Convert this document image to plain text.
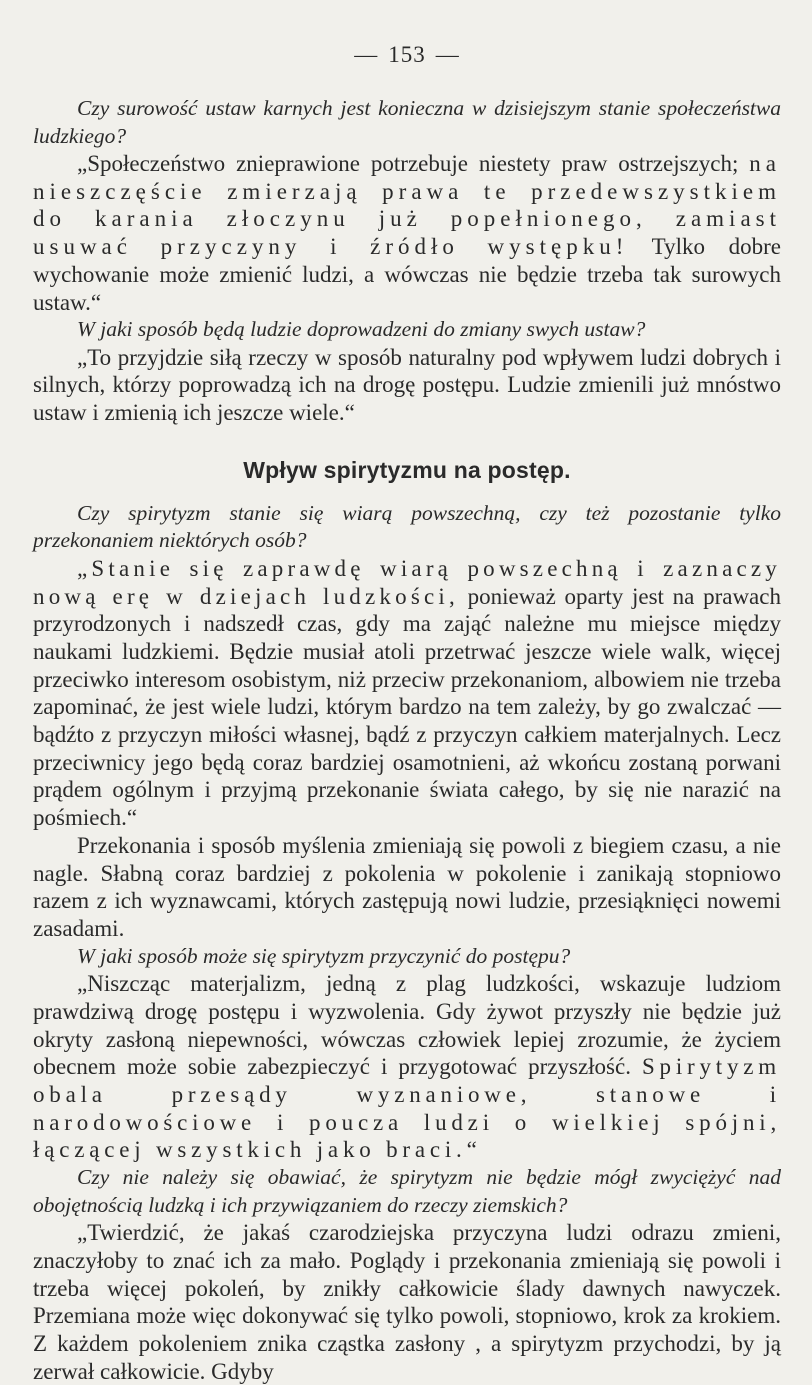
— 153 —

Czy surowość ustaw karnych jest konieczna w dzisiejszym stanie społeczeństwa ludzkiego?

„Społeczeństwo znieprawione potrzebuje niestety praw ostrzejszych; na nieszczęście zmierzają prawa te przedewszystkiem do karania złoczynu już popełnionego, zamiast usuwać przyczyny i źródło występku! Tylko dobre wychowanie może zmienić ludzi, a wówczas nie będzie trzeba tak surowych ustaw.“

W jaki sposób będą ludzie doprowadzeni do zmiany swych ustaw?

„To przyjdzie siłą rzeczy w sposób naturalny pod wpływem ludzi dobrych i silnych, którzy poprowadzą ich na drogę postępu. Ludzie zmienili już mnóstwo ustaw i zmienią ich jeszcze wiele.“

Wpływ spirytyzmu na postęp.

Czy spirytyzm stanie się wiarą powszechną, czy też pozostanie tylko przekonaniem niektórych osób?

„Stanie się zaprawdę wiarą powszechną i zaznaczy nową erę w dziejach ludzkości, ponieważ oparty jest na prawach przyrodzonych i nadszedł czas, gdy ma zająć należne mu miejsce między naukami ludzkiemi. Będzie musiał atoli przetrwać jeszcze wiele walk, więcej przeciwko interesom osobistym, niż przeciw przekonaniom, albowiem nie trzeba zapominać, że jest wiele ludzi, którym bardzo na tem zależy, by go zwalczać — bądźto z przyczyn miłości własnej, bądź z przyczyn całkiem materjalnych. Lecz przeciwnicy jego będą coraz bardziej osamotnieni, aż wkońcu zostaną porwani prądem ogólnym i przyjmą przekonanie świata całego, by się nie narazić na pośmiech.“

Przekonania i sposób myślenia zmieniają się powoli z biegiem czasu, a nie nagle. Słabną coraz bardziej z pokolenia w pokolenie i zanikają stopniowo razem z ich wyznawcami, których zastępują nowi ludzie, przesiąknięci nowemi zasadami.

W jaki sposób może się spirytyzm przyczynić do postępu?

„Niszcząc materjalizm, jedną z plag ludzkości, wskazuje ludziom prawdziwą drogę postępu i wyzwolenia. Gdy żywot przyszły nie będzie już okryty zasłoną niepewności, wówczas człowiek lepiej zrozumie, że życiem obecnem może sobie zabezpieczyć i przygotować przyszłość. Spirytyzm obala przesądy wyznaniowe, stanowe i narodowościowe i poucza ludzi o wielkiej spójni, łączącej wszystkich jako braci.“

Czy nie należy się obawiać, że spirytyzm nie będzie mógł zwyciężyć nad obojętnością ludzką i ich przywiązaniem do rzeczy ziemskich?

„Twierdzić, że jakaś czarodziejska przyczyna ludzi odrazu zmieni, znaczyłoby to znać ich za mało. Poglądy i przekonania zmieniają się powoli i trzeba więcej pokoleń, by znikły całkowicie ślady dawnych nawyczek. Przemiana może więc dokonywać się tylko powoli, stopniowo, krok za krokiem. Z każdem pokoleniem znika cząstka zasłony , a spirytyzm przychodzi, by ją zerwał całkowicie. Gdyby
